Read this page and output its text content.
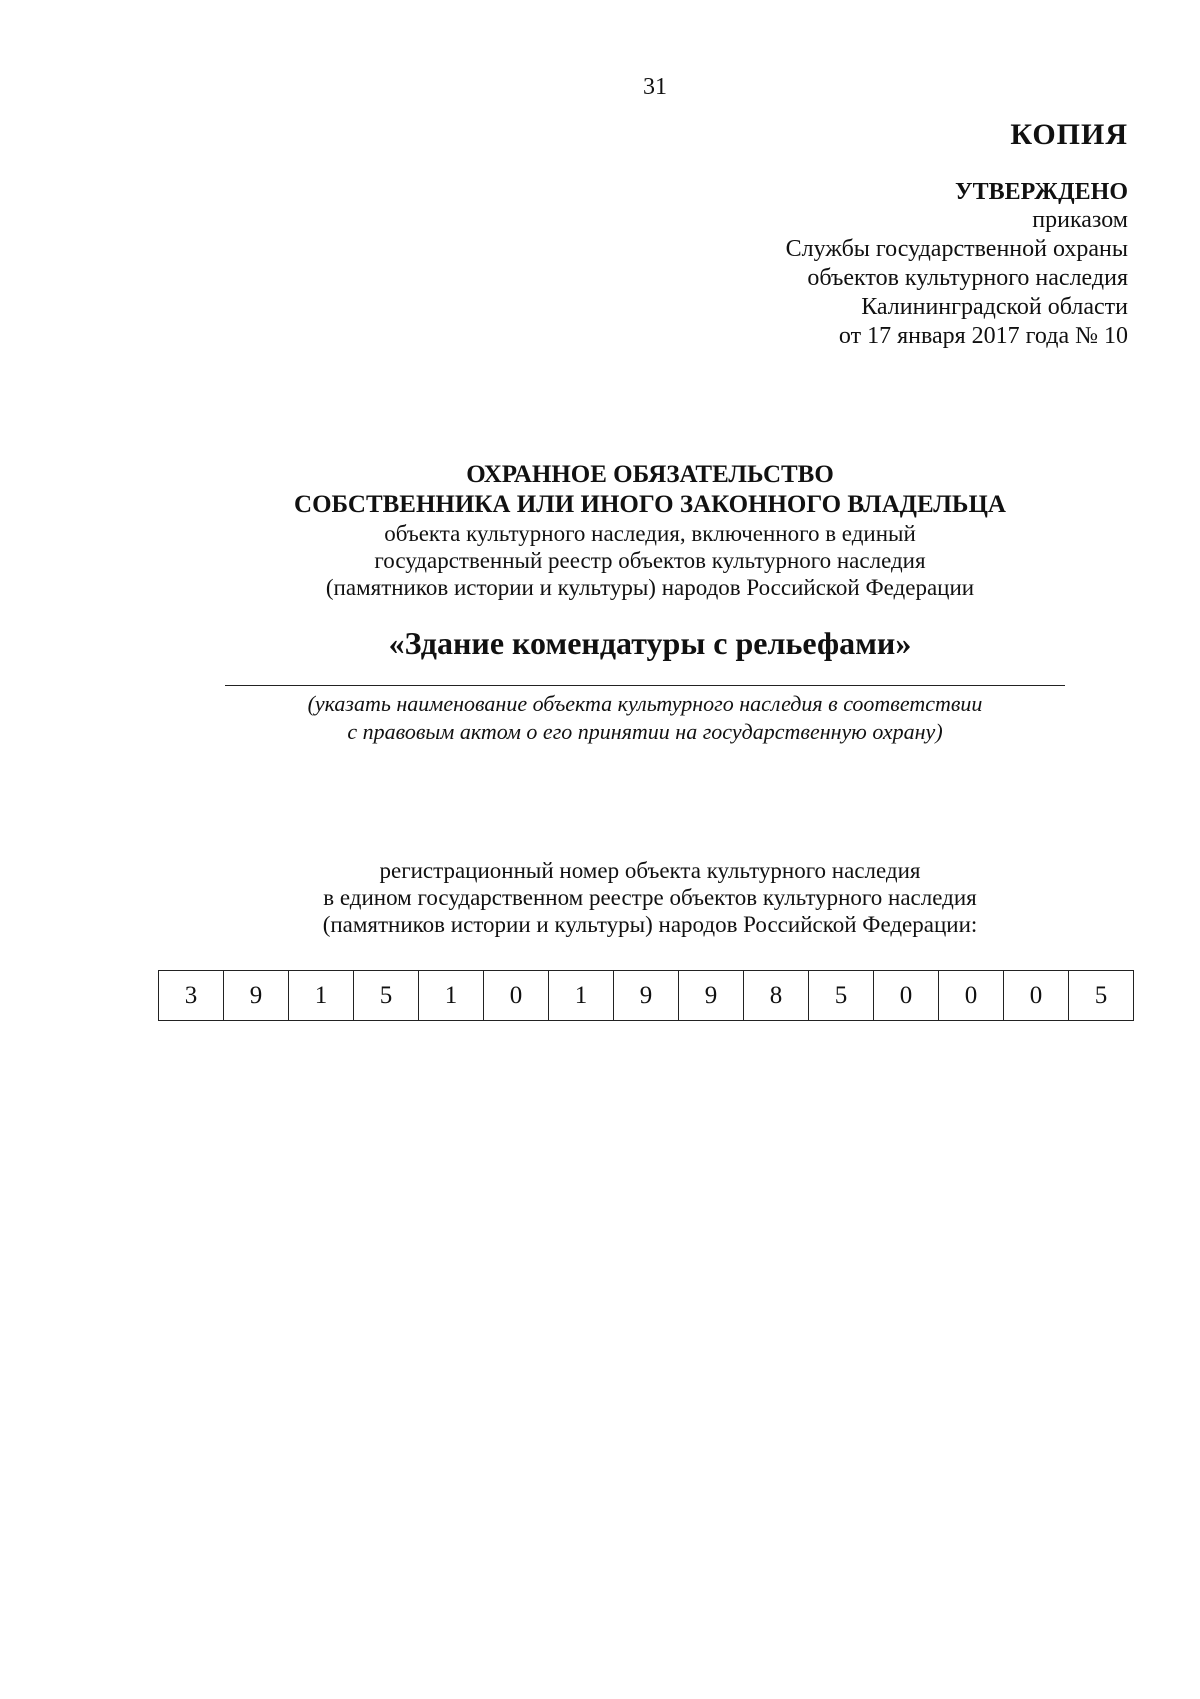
31
КОПИЯ
УТВЕРЖДЕНО
приказом
Службы государственной охраны
объектов культурного наследия
Калининградской области
от 17 января 2017 года № 10
ОХРАННОЕ ОБЯЗАТЕЛЬСТВО
СОБСТВЕННИКА ИЛИ ИНОГО ЗАКОННОГО ВЛАДЕЛЬЦА
объекта культурного наследия, включенного в единый
государственный реестр объектов культурного наследия
(памятников истории и культуры) народов Российской Федерации
«Здание комендатуры с рельефами»
(указать наименование объекта культурного наследия в соответствии
с правовым актом о его принятии на государственную охрану)
регистрационный номер объекта культурного наследия
в едином государственном реестре объектов культурного наследия
(памятников истории и культуры) народов Российской Федерации:
3	9	1	5	1	0	1	9	9	8	5	0	0	0	5
